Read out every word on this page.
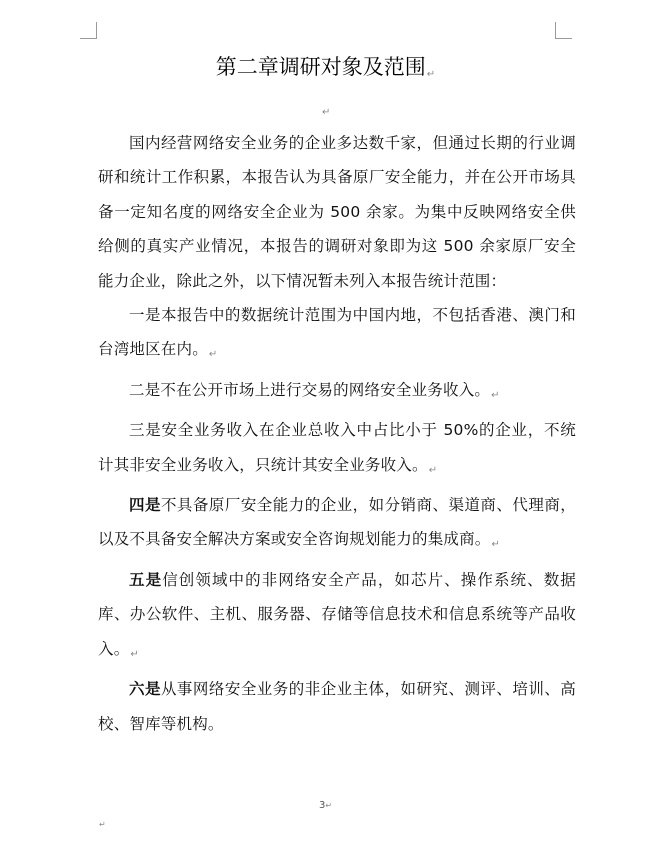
第二章调研对象及范围↵
↵

国内经营网络安全业务的企业多达数千家，但通过长期的行业调研和统计工作积累，本报告认为具备原厂安全能力，并在公开市场具备一定知名度的网络安全企业为 500 余家。为集中反映网络安全供给侧的真实产业情况，本报告的调研对象即为这 500 余家原厂安全能力企业，除此之外，以下情况暂未列入本报告统计范围：

一是本报告中的数据统计范围为中国内地，不包括香港、澳门和台湾地区在内。↵

二是不在公开市场上进行交易的网络安全业务收入。↵

三是安全业务收入在企业总收入中占比小于 50%的企业，不统计其非安全业务收入，只统计其安全业务收入。↵

四是不具备原厂安全能力的企业，如分销商、渠道商、代理商，以及不具备安全解决方案或安全咨询规划能力的集成商。↵

五是信创领域中的非网络安全产品，如芯片、操作系统、数据库、办公软件、主机、服务器、存储等信息技术和信息系统等产品收入。↵

六是从事网络安全业务的非企业主体，如研究、测评、培训、高校、智库等机构。

3↵
↵
